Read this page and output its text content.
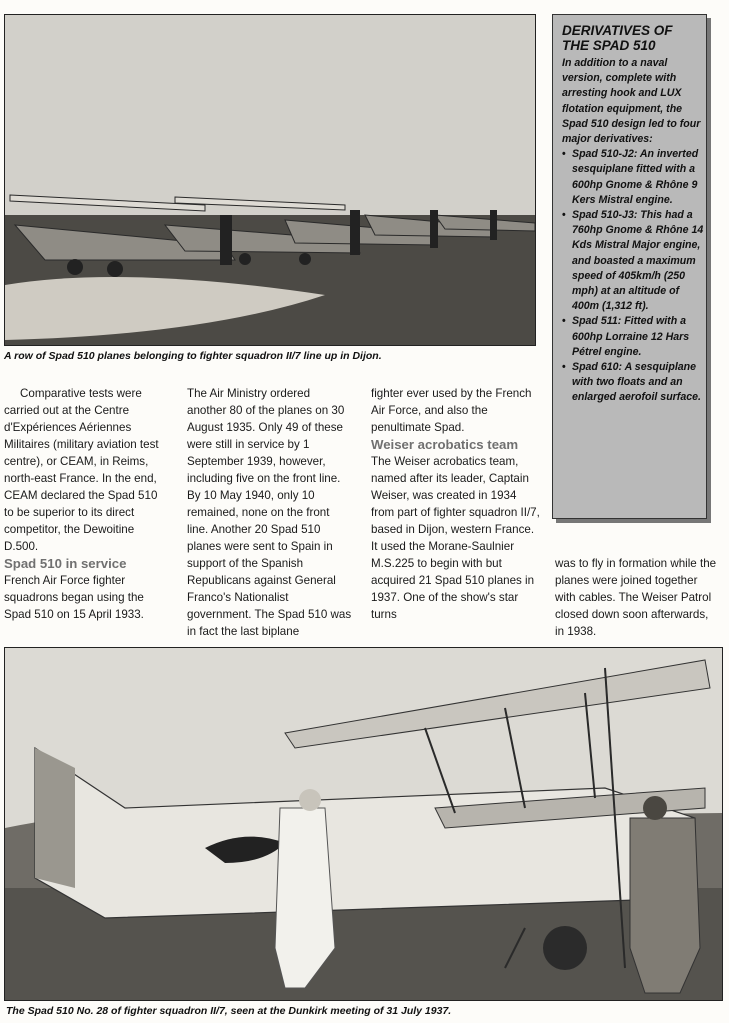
A row of Spad 510 planes belonging to fighter squadron II/7 line up in Dijon.
DERIVATIVES OF
THE SPAD 510
In addition to a naval version, complete with arresting hook and LUX flotation equipment, the Spad 510 design led to four major derivatives:
• Spad 510-J2: An inverted sesquiplane fitted with a 600hp Gnome & Rhône 9 Kers Mistral engine.
• Spad 510-J3: This had a 760hp Gnome & Rhône 14 Kds Mistral Major engine, and boasted a maximum speed of 405km/h (250 mph) at an altitude of 400m (1,312 ft).
• Spad 511: Fitted with a 600hp Lorraine 12 Hars Pétrel engine.
• Spad 610: A sesquiplane with two floats and an enlarged aerofoil surface.

Comparative tests were carried out at the Centre d'Expériences Aériennes Militaires (military aviation test centre), or CEAM, in Reims, north-east France. In the end, CEAM declared the Spad 510 to be superior to its direct competitor, the Dewoitine D.500.

Spad 510 in service

French Air Force fighter squadrons began using the Spad 510 on 15 April 1933.

The Air Ministry ordered another 80 of the planes on 30 August 1935. Only 49 of these were still in service by 1 September 1939, however, including five on the front line. By 10 May 1940, only 10 remained, none on the front line. Another 20 Spad 510 planes were sent to Spain in support of the Spanish Republicans against General Franco's Nationalist government. The Spad 510 was in fact the last biplane

fighter ever used by the French Air Force, and also the penultimate Spad.

Weiser acrobatics team

The Weiser acrobatics team, named after its leader, Captain Weiser, was created in 1934 from part of fighter squadron II/7, based in Dijon, western France. It used the Morane-Saulnier M.S.225 to begin with but acquired 21 Spad 510 planes in 1937. One of the show's star turns

was to fly in formation while the planes were joined together with cables. The Weiser Patrol closed down soon afterwards, in 1938.

The Spad 510 No. 28 of fighter squadron II/7, seen at the Dunkirk meeting of 31 July 1937.
